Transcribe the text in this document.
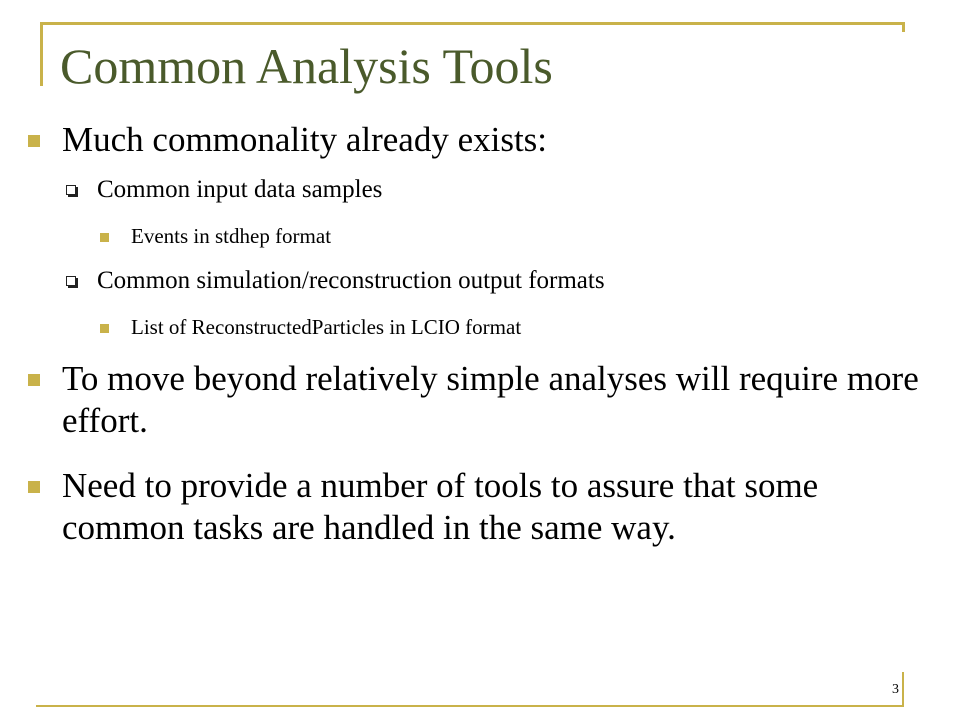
Common Analysis Tools
Much commonality already exists:
Common input data samples
Events in stdhep format
Common simulation/reconstruction output formats
List of ReconstructedParticles in LCIO format
To move beyond relatively simple analyses will require more effort.
Need to provide a number of tools to assure that some common tasks are handled in the same way.
3
